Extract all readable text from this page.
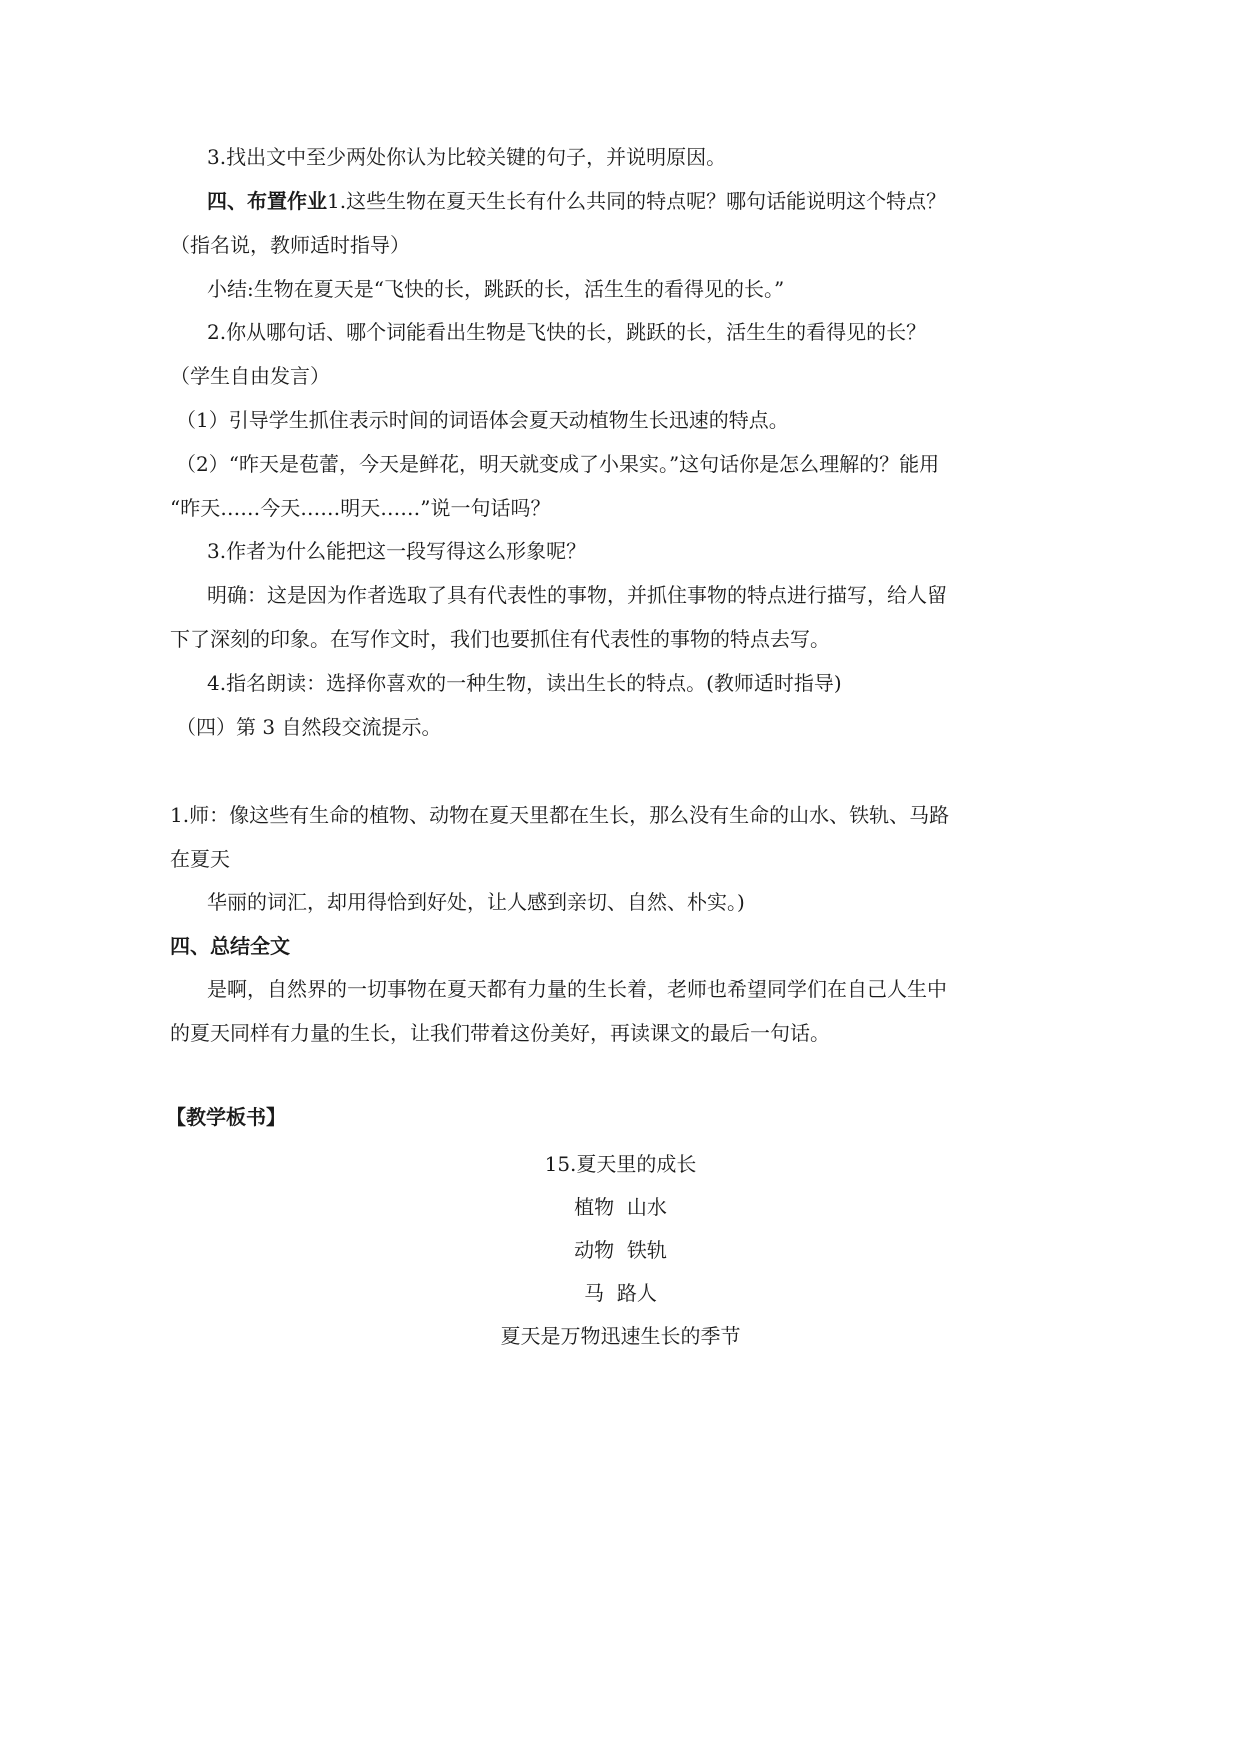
3.找出文中至少两处你认为比较关键的句子，并说明原因。
四、布置作业1.这些生物在夏天生长有什么共同的特点呢？哪句话能说明这个特点？
（指名说，教师适时指导）
小结:生物在夏天是“飞快的长，跳跃的长，活生生的看得见的长。”
2.你从哪句话、哪个词能看出生物是飞快的长，跳跃的长，活生生的看得见的长？
（学生自由发言）
（1）引导学生抓住表示时间的词语体会夏天动植物生长迅速的特点。
（2）“昨天是苞蕾，今天是鲜花，明天就变成了小果实。”这句话你是怎么理解的？能用
“昨天……今天……明天……”说一句话吗？
3.作者为什么能把这一段写得这么形象呢？
明确：这是因为作者选取了具有代表性的事物，并抓住事物的特点进行描写，给人留
下了深刻的印象。在写作文时，我们也要抓住有代表性的事物的特点去写。
4.指名朗读：选择你喜欢的一种生物，读出生长的特点。(教师适时指导)
（四）第 3 自然段交流提示。
1.师：像这些有生命的植物、动物在夏天里都在生长，那么没有生命的山水、铁轨、马路
在夏天
华丽的词汇，却用得恰到好处，让人感到亲切、自然、朴实。)
四、总结全文
是啊，自然界的一切事物在夏天都有力量的生长着，老师也希望同学们在自己人生中
的夏天同样有力量的生长，让我们带着这份美好，再读课文的最后一句话。
【教学板书】
15.夏天里的成长
植物  山水
动物  铁轨
马  路人
夏天是万物迅速生长的季节
